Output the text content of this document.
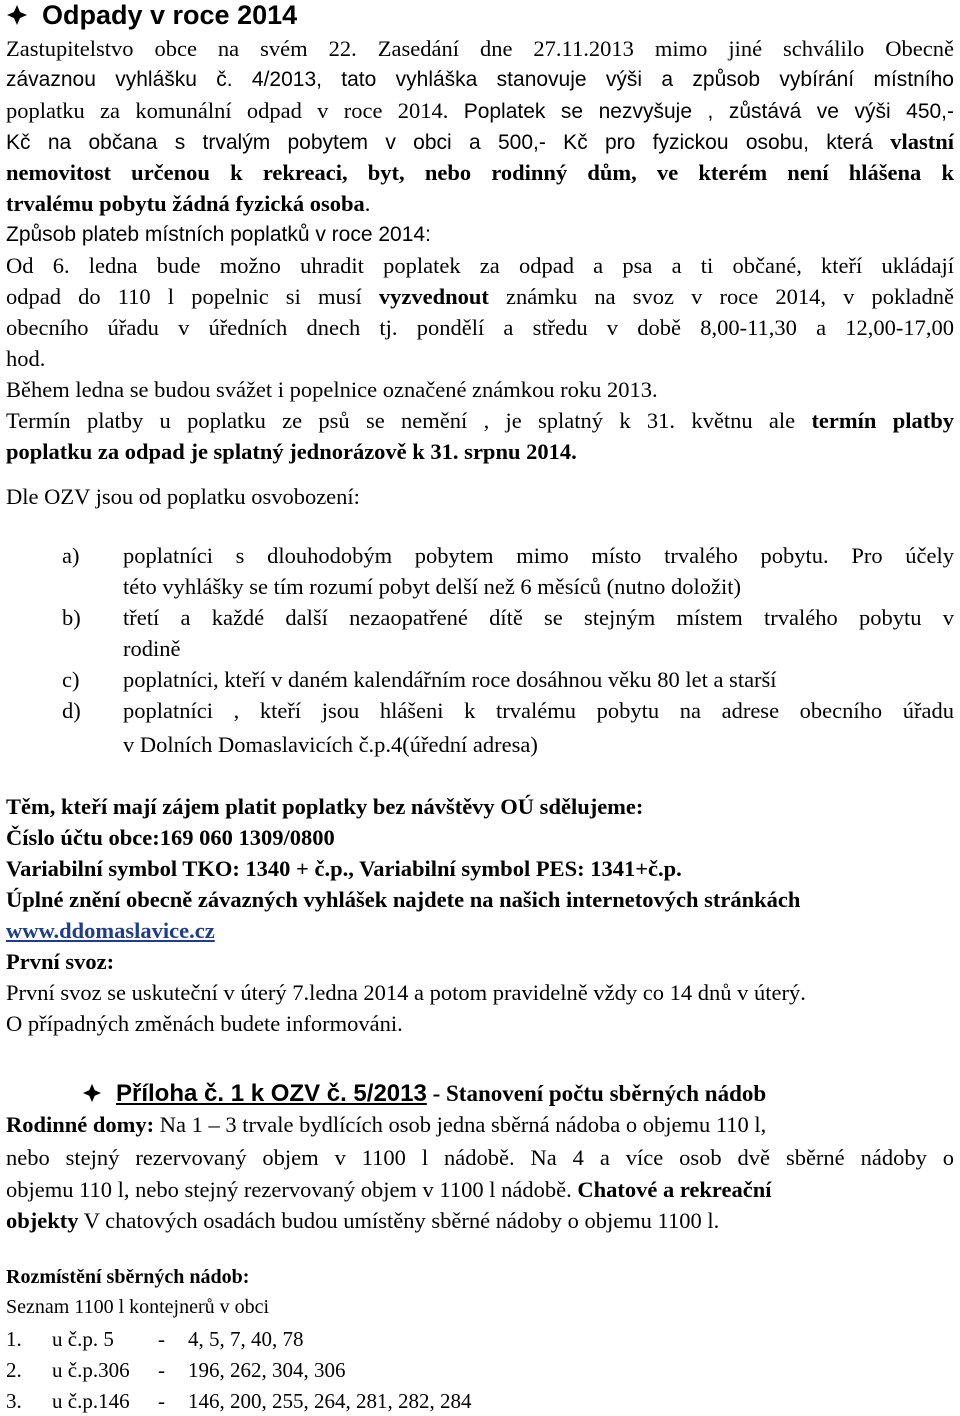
Odpady v roce 2014
Zastupitelstvo obce na svém 22. Zasedání dne 27.11.2013 mimo jiné schválilo Obecně
závaznou vyhlášku č. 4/2013, tato vyhláška stanovuje výši a způsob vybírání místního
poplatku za komunální odpad v roce 2014. Poplatek se nezvyšuje , zůstává ve výši 450,-
Kč na občana s trvalým pobytem v obci a 500,- Kč pro fyzickou osobu, která vlastní
nemovitost určenou k rekreaci, byt, nebo rodinný dům, ve kterém není hlášena k
trvalému pobytu žádná fyzická osoba.
Způsob plateb místních poplatků v roce 2014:
Od 6. ledna bude možno uhradit poplatek za odpad a psa a ti občané, kteří ukládají
odpad do 110 l popelnic si musí vyzvednout známku na svoz v roce 2014, v pokladně
obecního úřadu v úředních dnech tj. pondělí a středu v době 8,00-11,30 a 12,00-17,00
hod.
Během ledna se budou svážet i popelnice označené známkou roku 2013.
Termín platby u poplatku ze psů se nemění , je splatný k 31. květnu ale termín platby
poplatku za odpad je splatný jednorázově k 31. srpnu 2014.
Dle OZV jsou od poplatku osvobození:
a) poplatníci s dlouhodobým pobytem mimo místo trvalého pobytu. Pro účely
této vyhlášky se tím rozumí pobyt delší než 6 měsíců (nutno doložit)
b) třetí a každé další nezaopatřené dítě se stejným místem trvalého pobytu v
rodině
c) poplatníci, kteří v daném kalendářním roce dosáhnou věku 80 let a starší
d) poplatníci , kteří jsou hlášeni k trvalému pobytu na adrese obecního úřadu
v Dolních Domaslavicích č.p.4(úřední adresa)
Těm, kteří mají zájem platit poplatky bez návštěvy OÚ sdělujeme:
Číslo účtu obce:169 060 1309/0800
Variabilní symbol TKO: 1340 + č.p., Variabilní symbol PES: 1341+č.p.
Úplné znění obecně závazných vyhlášek najdete na našich internetových stránkách
www.ddomaslavice.cz
První svoz:
První svoz se uskuteční v úterý 7.ledna 2014 a potom pravidelně vždy co 14 dnů v úterý.
O případných změnách budete informováni.
Příloha č. 1 k OZV č. 5/2013 - Stanovení počtu sběrných nádob
Rodinné domy: Na 1 – 3 trvale bydlících osob jedna sběrná nádoba o objemu 110 l,
nebo stejný rezervovaný objem v 1100 l nádobě. Na 4 a více osob dvě sběrné nádoby o
objemu 110 l, nebo stejný rezervovaný objem v 1100 l nádobě. Chatové a rekreační
objekty V chatových osadách budou umístěny sběrné nádoby o objemu 1100 l.
Rozmístění sběrných nádob:
Seznam 1100 l kontejnerů v obci
1. u č.p. 5 - 4, 5, 7, 40, 78
2. u č.p.306 - 196, 262, 304, 306
3. u č.p.146 - 146, 200, 255, 264, 281, 282, 284
